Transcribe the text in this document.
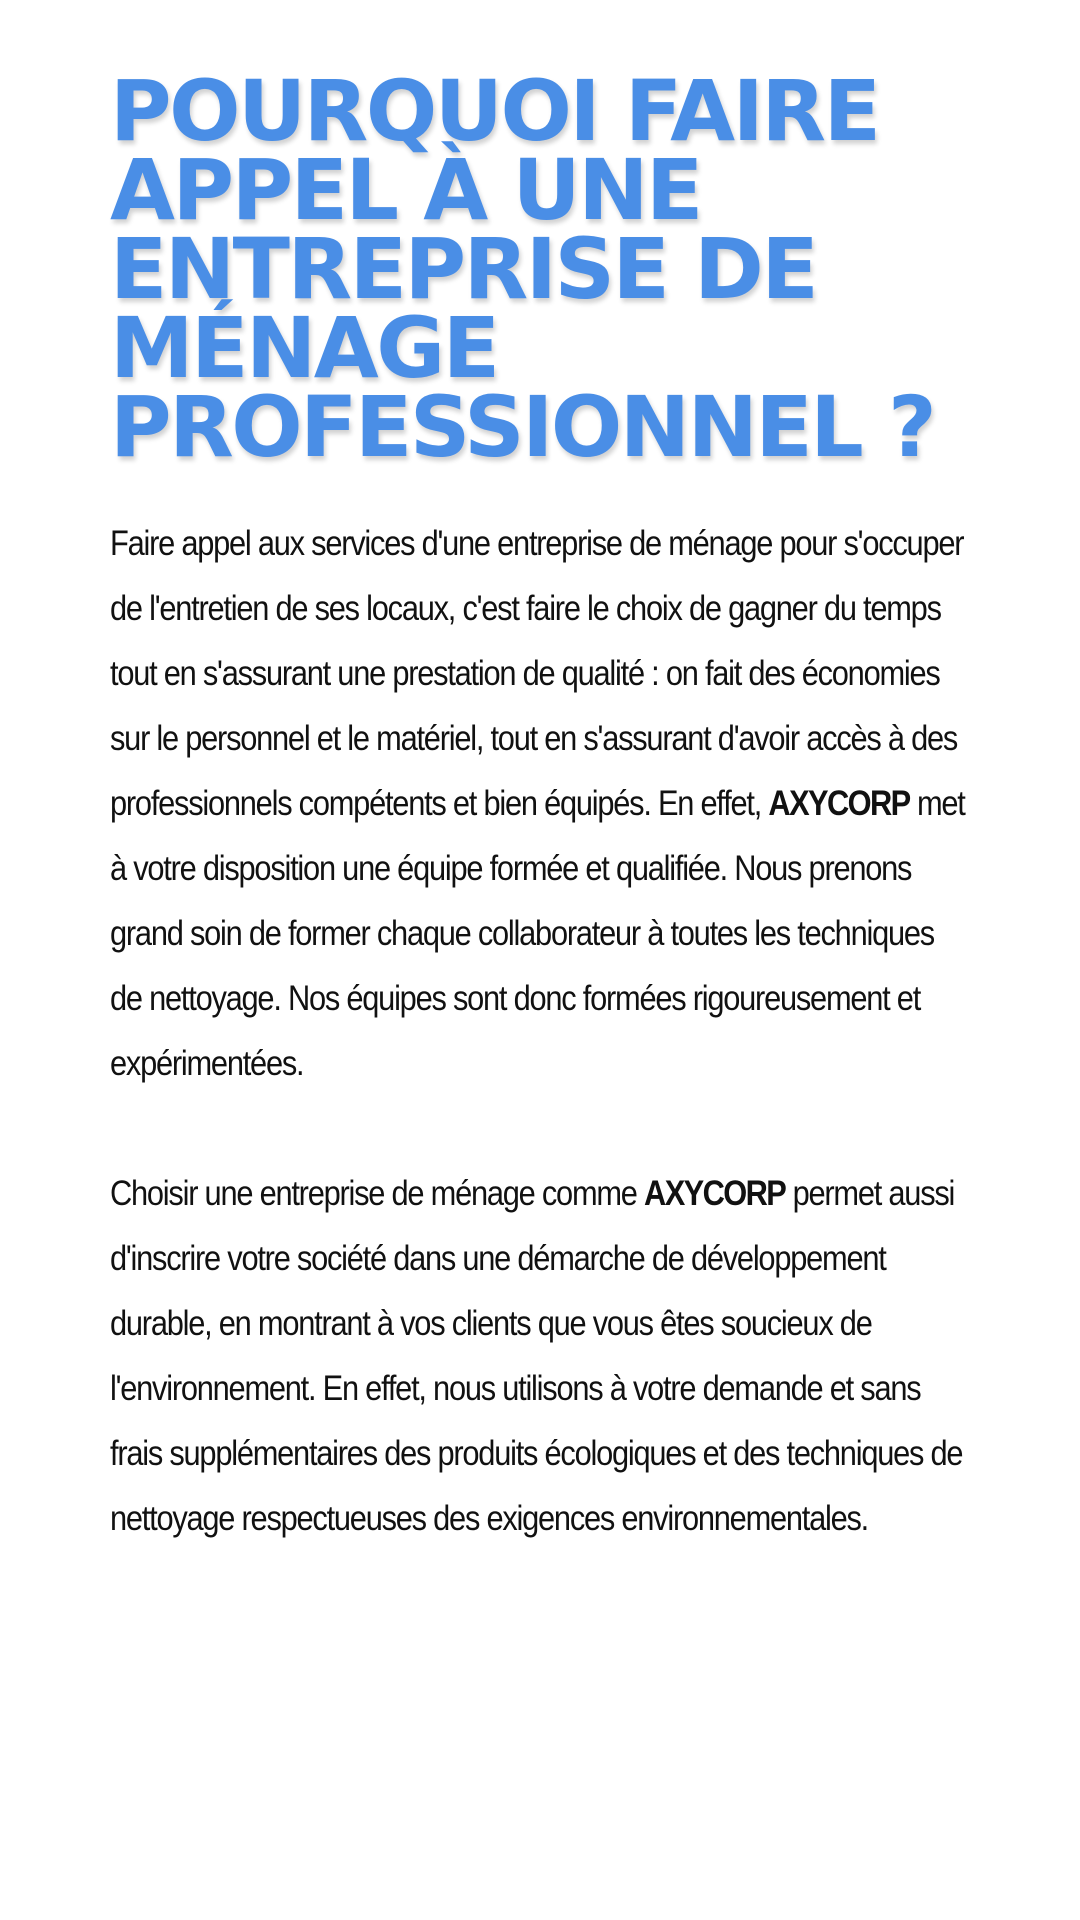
POURQUOI FAIRE
APPEL À UNE
ENTREPRISE DE
MÉNAGE
PROFESSIONNEL ?

Faire appel aux services d'une entreprise de ménage pour s'occuper de l'entretien de ses locaux, c'est faire le choix de gagner du temps tout en s'assurant une prestation de qualité : on fait des économies sur le personnel et le matériel, tout en s'assurant d'avoir accès à des professionnels compétents et bien équipés. En effet, AXYCORP met à votre disposition une équipe formée et qualifiée. Nous prenons grand soin de former chaque collaborateur à toutes les techniques de nettoyage. Nos équipes sont donc formées rigoureusement et expérimentées.

Choisir une entreprise de ménage comme AXYCORP permet aussi d'inscrire votre société dans une démarche de développement durable, en montrant à vos clients que vous êtes soucieux de l'environnement. En effet, nous utilisons à votre demande et sans frais supplémentaires des produits écologiques et des techniques de nettoyage respectueuses des exigences environnementales.
